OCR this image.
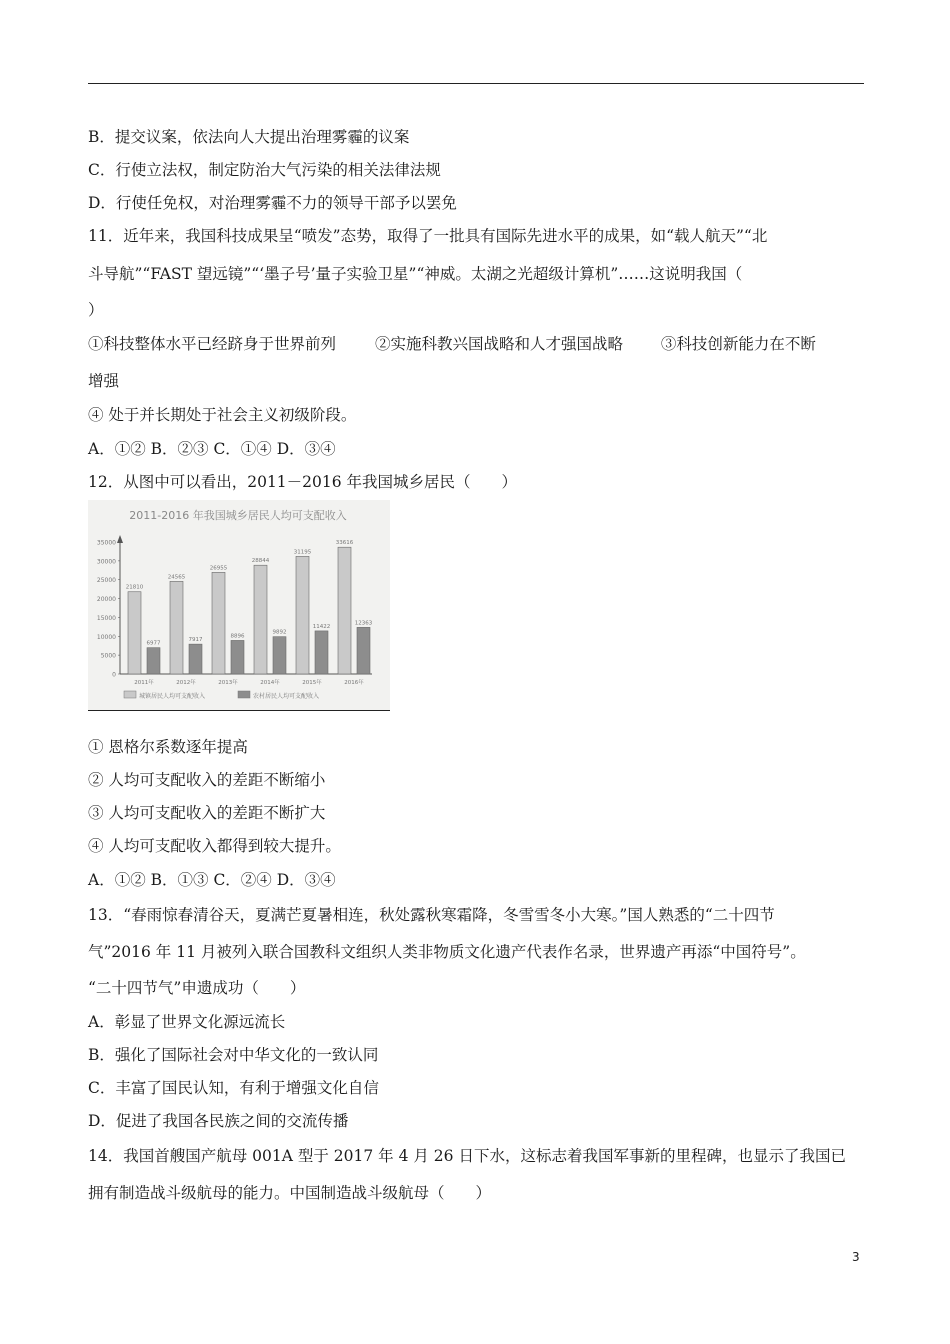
B．提交议案，依法向人大提出治理雾霾的议案
C．行使立法权，制定防治大气污染的相关法律法规
D．行使任免权，对治理雾霾不力的领导干部予以罢免
11．近年来，我国科技成果呈“喷发”态势，取得了一批具有国际先进水平的成果，如“载人航天”“北
斗导航”“FAST 望远镜”“‘墨子号’量子实验卫星”“神威。太湖之光超级计算机”……这说明我国（
）
①科技整体水平已经跻身于世界前列	②实施科教兴国战略和人才强国战略 ③科技创新能力在不断
增强
④ 处于并长期处于社会主义初级阶段。
A．①② B．②③ C．①④ D．③④
12．从图中可以看出，2011－2016 年我国城乡居民（　　）
2011-2016 年我国城乡居民人均可支配收入
35000
30000
25000
20000
15000
10000
5000
0
21810
6977
24565
7917
26955
8896
28844
9892
31195
11422
33616
12363
2011年	2012年	2013年	2014年	2015年	2016年
城镇居民人均可支配收入	农村居民人均可支配收入
① 恩格尔系数逐年提高
② 人均可支配收入的差距不断缩小
③ 人均可支配收入的差距不断扩大
④ 人均可支配收入都得到较大提升。
A．①② B．①③ C．②④ D．③④
13．“春雨惊春清谷天，夏满芒夏暑相连，秋处露秋寒霜降，冬雪雪冬小大寒。”国人熟悉的“二十四节
气”2016 年 11 月被列入联合国教科文组织人类非物质文化遗产代表作名录，世界遗产再添“中国符号”。
“二十四节气”申遗成功（　　）
A．彰显了世界文化源远流长
B．强化了国际社会对中华文化的一致认同
C．丰富了国民认知，有利于增强文化自信
D．促进了我国各民族之间的交流传播
14．我国首艘国产航母 001A 型于 2017 年 4 月 26 日下水，这标志着我国军事新的里程碑，也显示了我国已
拥有制造战斗级航母的能力。中国制造战斗级航母（　　）
3
